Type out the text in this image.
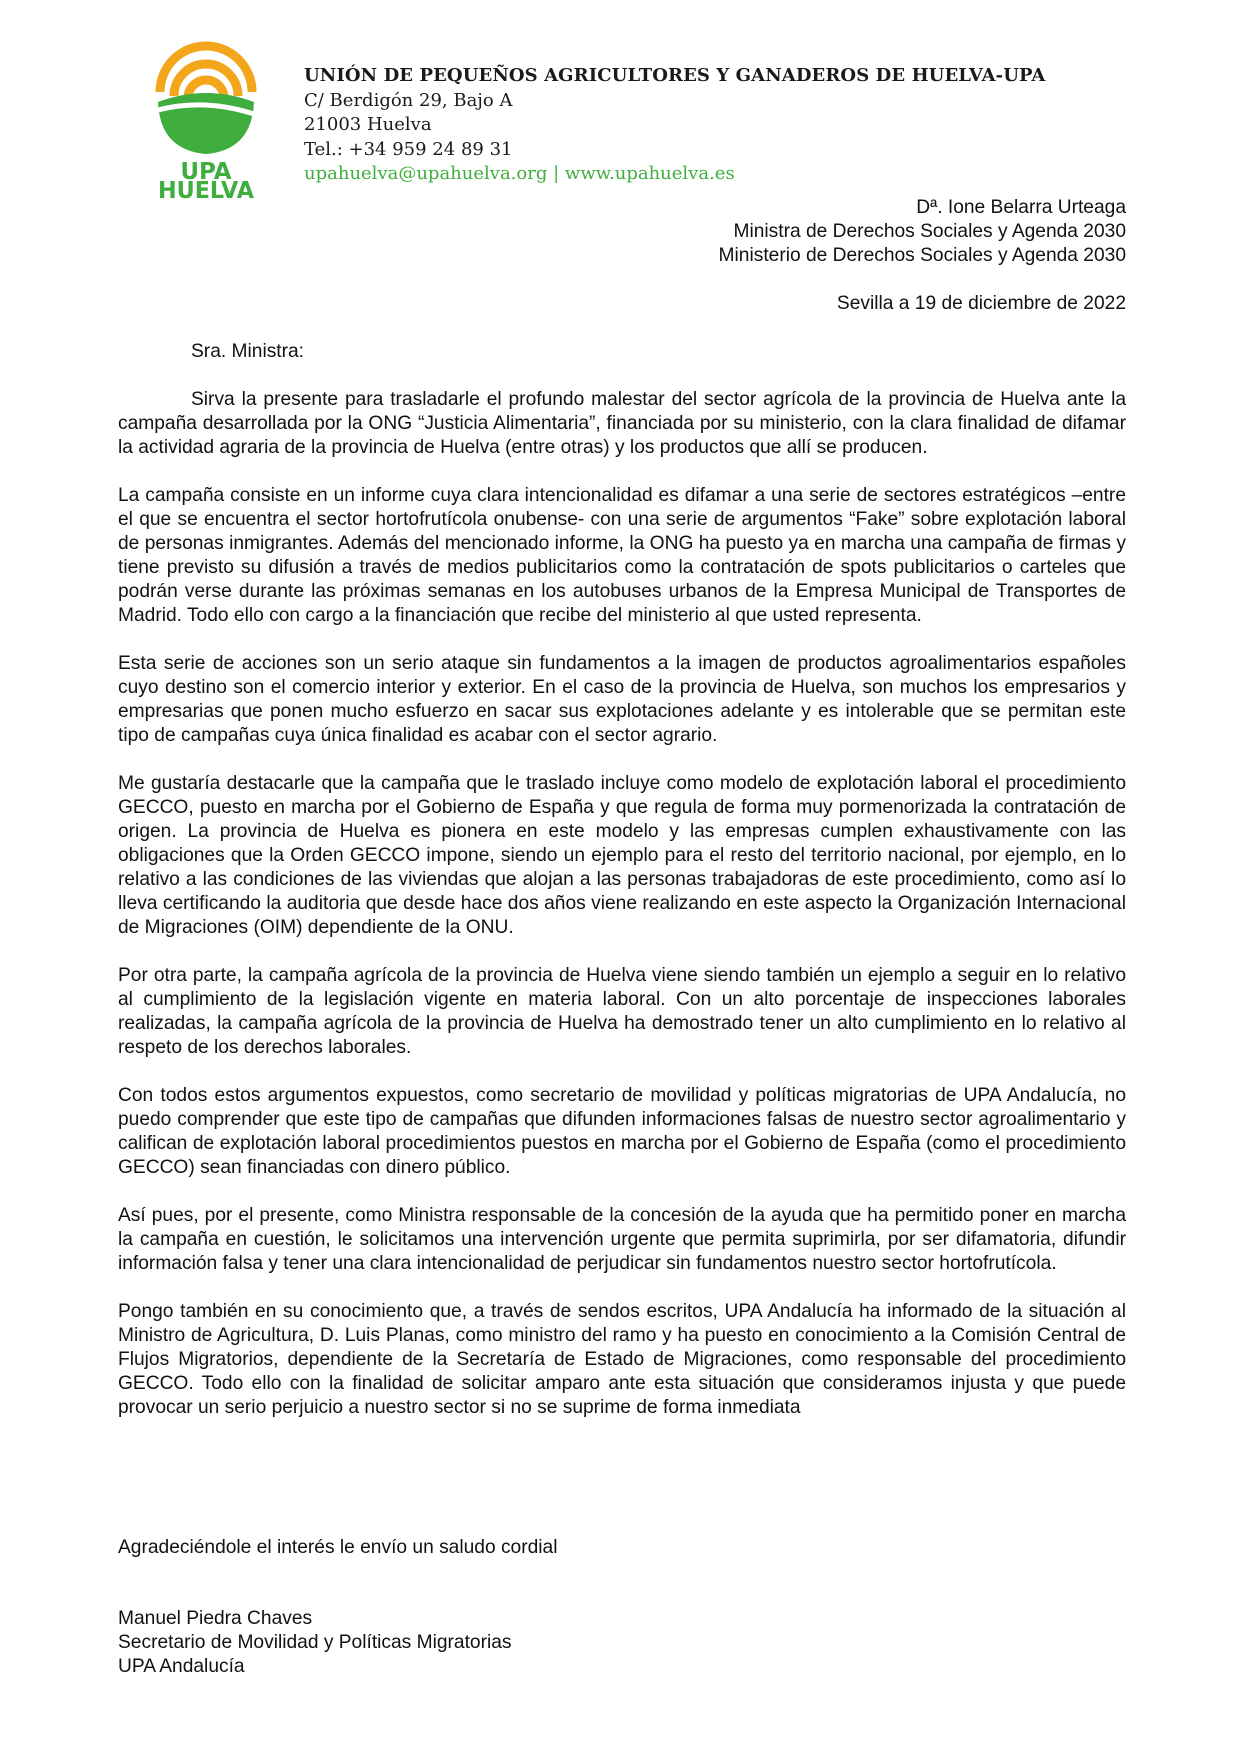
UPA
HUELVA
UNIÓN DE PEQUEÑOS AGRICULTORES Y GANADEROS DE HUELVA-UPA
C/ Berdigón 29, Bajo A
21003 Huelva
Tel.: +34 959 24 89 31
upahuelva@upahuelva.org | www.upahuelva.es
Dª. Ione Belarra Urteaga
Ministra de Derechos Sociales y Agenda 2030
Ministerio de Derechos Sociales y Agenda 2030
Sevilla a 19 de diciembre de 2022
Sra. Ministra:

Sirva la presente para trasladarle el profundo malestar del sector agrícola de la provincia de Huelva ante la campaña desarrollada por la ONG “Justicia Alimentaria”, financiada por su ministerio, con la clara finalidad de difamar la actividad agraria de la provincia de Huelva (entre otras) y los productos que allí se producen.

La campaña consiste en un informe cuya clara intencionalidad es difamar a una serie de sectores estratégicos –entre el que se encuentra el sector hortofrutícola onubense- con una serie de argumentos “Fake” sobre explotación laboral de personas inmigrantes. Además del mencionado informe, la ONG ha puesto ya en marcha una campaña de firmas y tiene previsto su difusión a través de medios publicitarios como la contratación de spots publicitarios o carteles que podrán verse durante las próximas semanas en los autobuses urbanos de la Empresa Municipal de Transportes de Madrid. Todo ello con cargo a la financiación que recibe del ministerio al que usted representa.

Esta serie de acciones son un serio ataque sin fundamentos a la imagen de productos agroalimentarios españoles cuyo destino son el comercio interior y exterior. En el caso de la provincia de Huelva, son muchos los empresarios y empresarias que ponen mucho esfuerzo en sacar sus explotaciones adelante y es intolerable que se permitan este tipo de campañas cuya única finalidad es acabar con el sector agrario.

Me gustaría destacarle que la campaña que le traslado incluye como modelo de explotación laboral el procedimiento GECCO, puesto en marcha por el Gobierno de España y que regula de forma muy pormenorizada la contratación de origen. La provincia de Huelva es pionera en este modelo y las empresas cumplen exhaustivamente con las obligaciones que la Orden GECCO impone, siendo un ejemplo para el resto del territorio nacional, por ejemplo, en lo relativo a las condiciones de las viviendas que alojan a las personas trabajadoras de este procedimiento, como así lo lleva certificando la auditoria que desde hace dos años viene realizando en este aspecto la Organización Internacional de Migraciones (OIM) dependiente de la ONU.

Por otra parte, la campaña agrícola de la provincia de Huelva viene siendo también un ejemplo a seguir en lo relativo al cumplimiento de la legislación vigente en materia laboral. Con un alto porcentaje de inspecciones laborales realizadas, la campaña agrícola de la provincia de Huelva ha demostrado tener un alto cumplimiento en lo relativo al respeto de los derechos laborales.

Con todos estos argumentos expuestos, como secretario de movilidad y políticas migratorias de UPA Andalucía, no puedo comprender que este tipo de campañas que difunden informaciones falsas de nuestro sector agroalimentario y califican de explotación laboral procedimientos puestos en marcha por el Gobierno de España (como el procedimiento GECCO) sean financiadas con dinero público.

Así pues, por el presente, como Ministra responsable de la concesión de la ayuda que ha permitido poner en marcha la campaña en cuestión, le solicitamos una intervención urgente que permita suprimirla, por ser difamatoria, difundir información falsa y tener una clara intencionalidad de perjudicar sin fundamentos nuestro sector hortofrutícola.

Pongo también en su conocimiento que, a través de sendos escritos, UPA Andalucía ha informado de la situación al Ministro de Agricultura, D. Luis Planas, como ministro del ramo y ha puesto en conocimiento a la Comisión Central de Flujos Migratorios, dependiente de la Secretaría de Estado de Migraciones, como responsable del procedimiento GECCO. Todo ello con la finalidad de solicitar amparo ante esta situación que consideramos injusta y que puede provocar un serio perjuicio a nuestro sector si no se suprime de forma inmediata

Agradeciéndole el interés le envío un saludo cordial
Manuel Piedra Chaves
Secretario de Movilidad y Políticas Migratorias
UPA Andalucía
